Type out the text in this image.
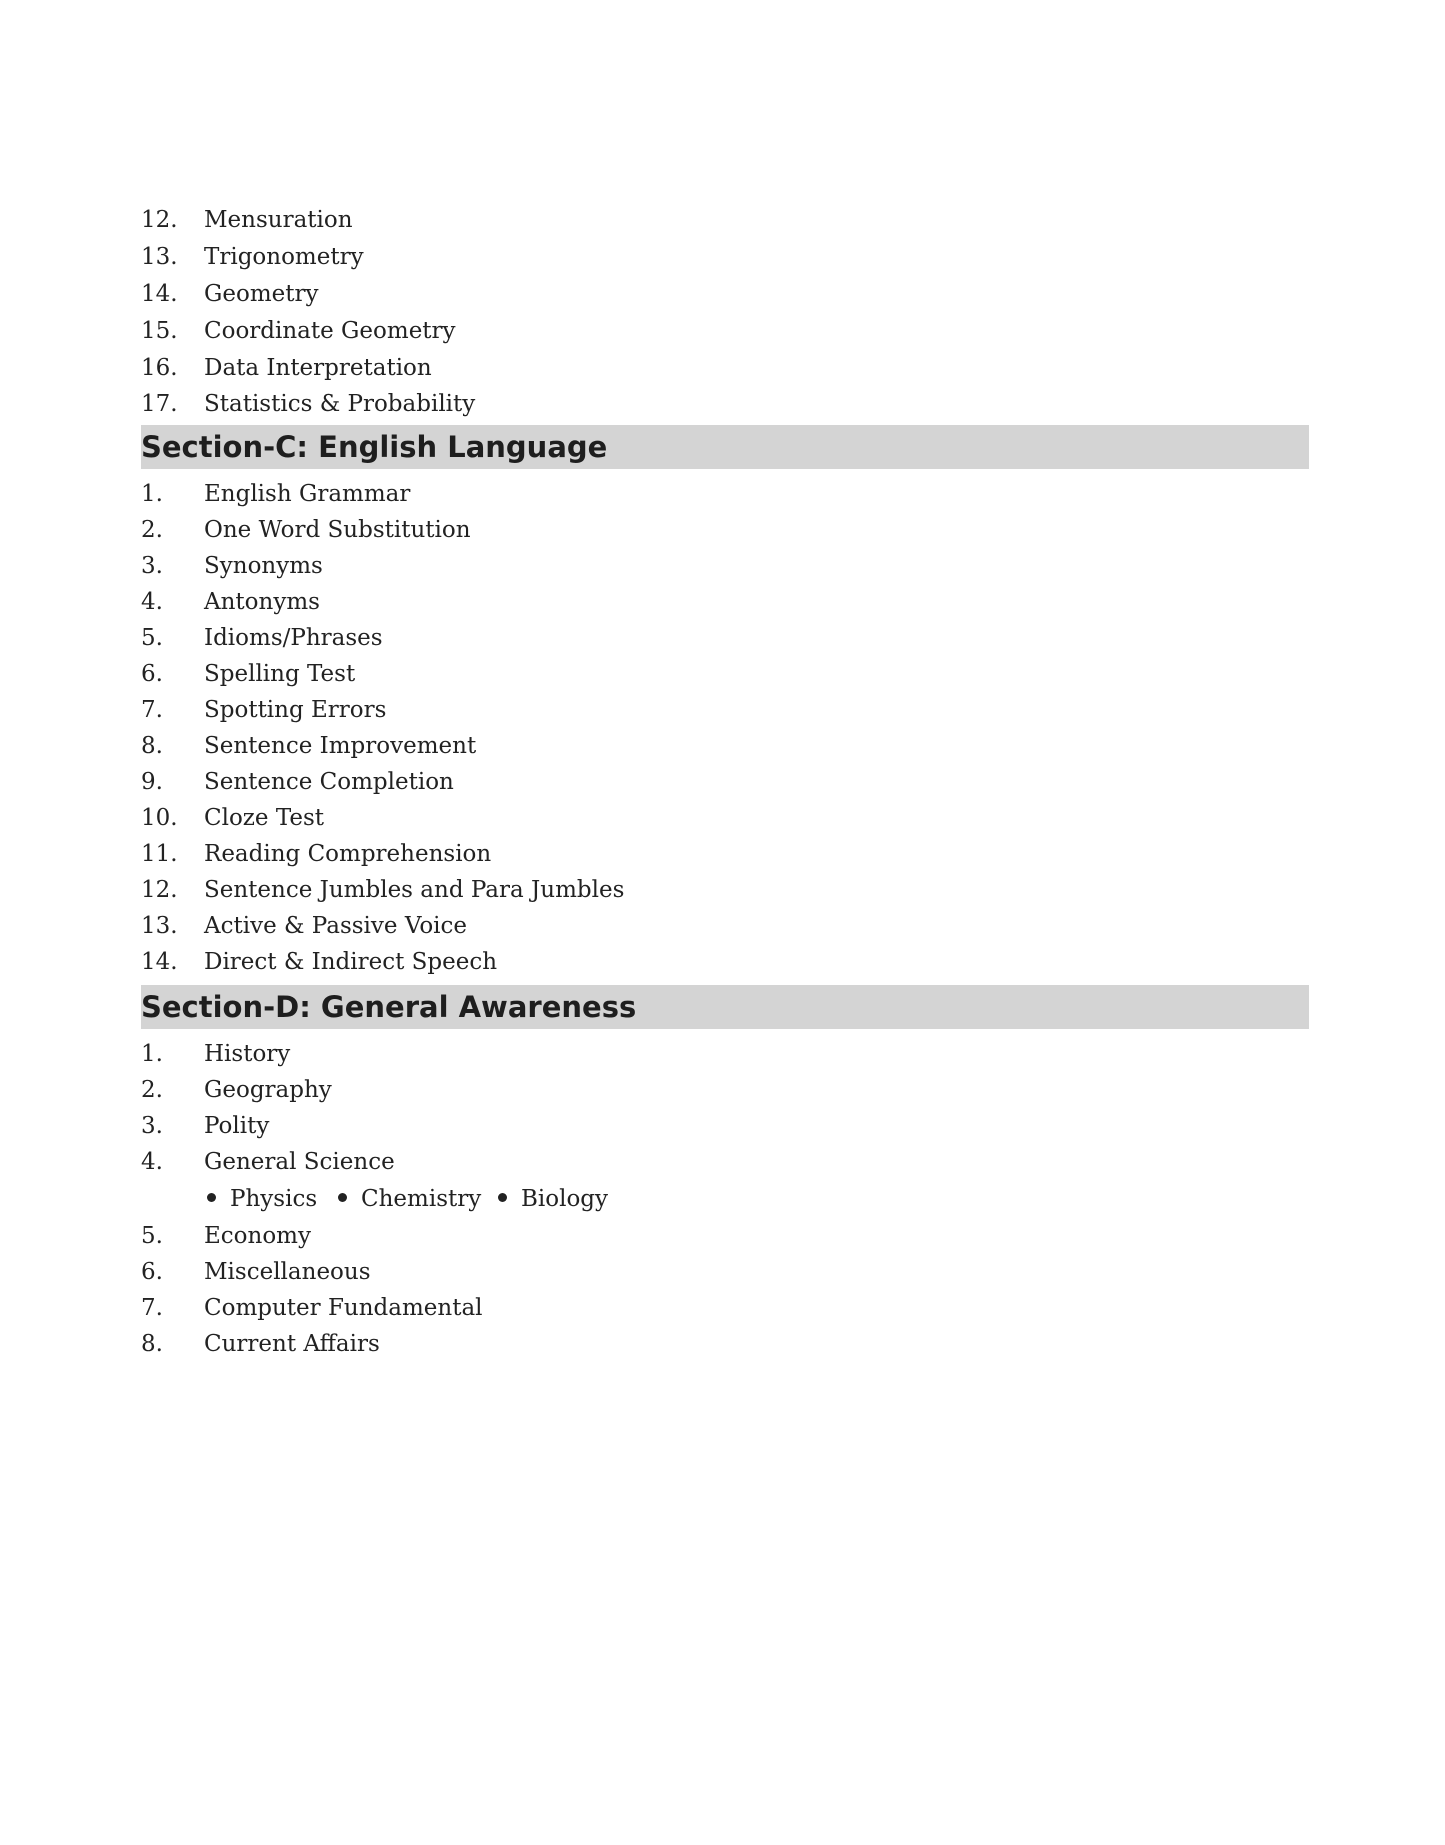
12. Mensuration
13. Trigonometry
14. Geometry
15. Coordinate Geometry
16. Data Interpretation
17. Statistics & Probability
Section-C: English Language
1. English Grammar
2. One Word Substitution
3. Synonyms
4. Antonyms
5. Idioms/Phrases
6. Spelling Test
7. Spotting Errors
8. Sentence Improvement
9. Sentence Completion
10. Cloze Test
11. Reading Comprehension
12. Sentence Jumbles and Para Jumbles
13. Active & Passive Voice
14. Direct & Indirect Speech
Section-D: General Awareness
1. History
2. Geography
3. Polity
4. General Science
Physics	Chemistry	Biology
5. Economy
6. Miscellaneous
7. Computer Fundamental
8. Current Affairs
